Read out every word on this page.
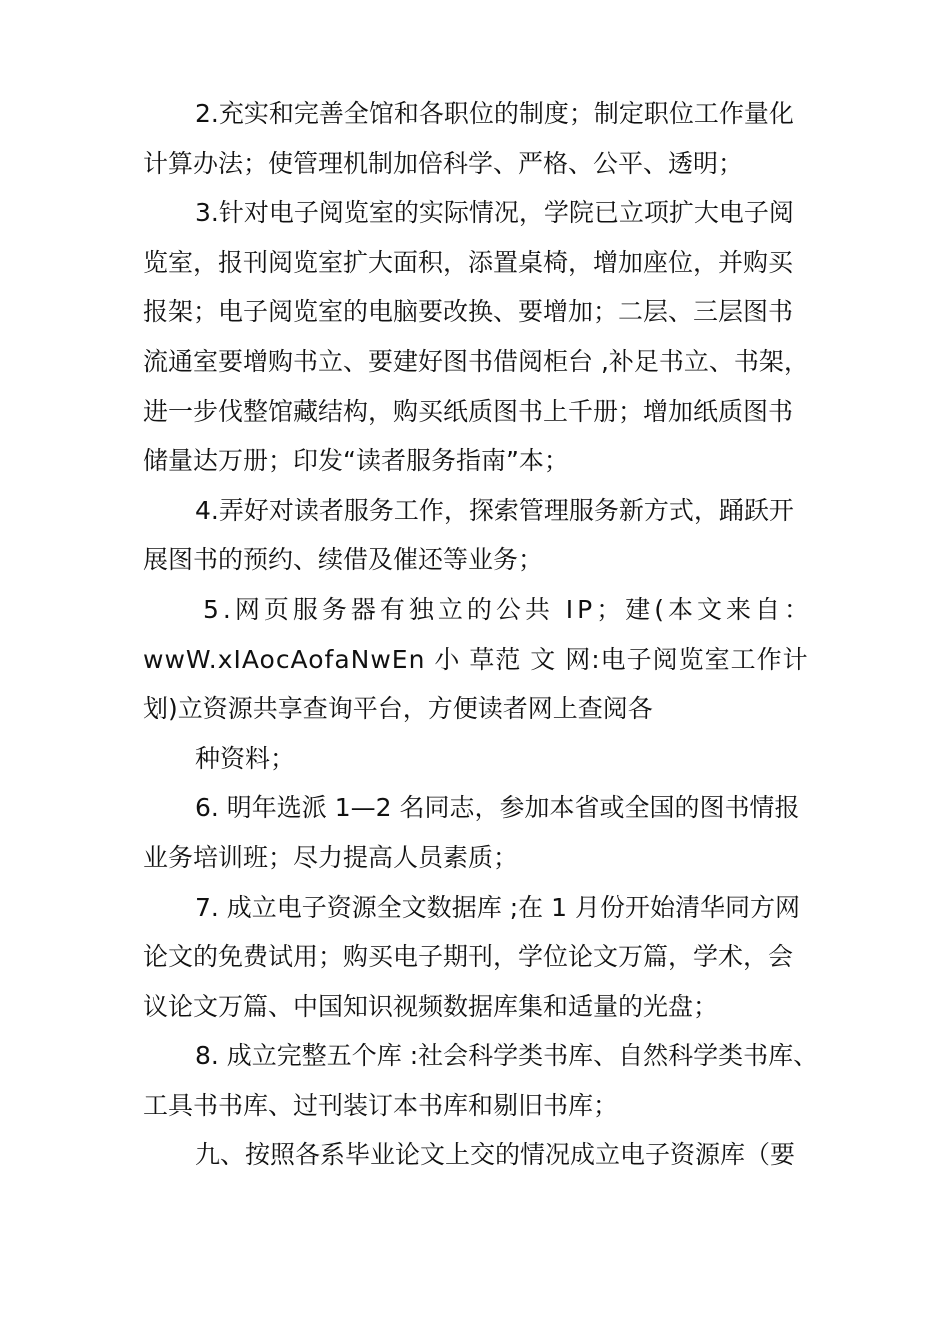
2.充实和完善全馆和各职位的制度；制定职位工作量化
计算办法；使管理机制加倍科学、严格、公平、透明；
3.针对电子阅览室的实际情况，学院已立项扩大电子阅
览室，报刊阅览室扩大面积，添置桌椅，增加座位，并购买
报架；电子阅览室的电脑要改换、要增加；二层、三层图书
流通室要增购书立、要建好图书借阅柜台 ,补足书立、书架，
进一步伐整馆藏结构，购买纸质图书上千册；增加纸质图书
储量达万册；印发“读者服务指南”本；
4.弄好对读者服务工作，探索管理服务新方式，踊跃开
展图书的预约、续借及催还等业务；
5.网页服务器有独立的公共 IP；建(本文来自：
wwW.xIAocAofaNwEn 小 草范 文 网:电子阅览室工作计
划)立资源共享查询平台，方便读者网上查阅各
种资料；
6. 明年选派 1—2 名同志，参加本省或全国的图书情报
业务培训班；尽力提高人员素质；
7. 成立电子资源全文数据库 ;在 1 月份开始清华同方网
论文的免费试用；购买电子期刊，学位论文万篇，学术，会
议论文万篇、中国知识视频数据库集和适量的光盘；
8. 成立完整五个库 :社会科学类书库、自然科学类书库、
工具书书库、过刊装订本书库和剔旧书库；
九、按照各系毕业论文上交的情况成立电子资源库（要
